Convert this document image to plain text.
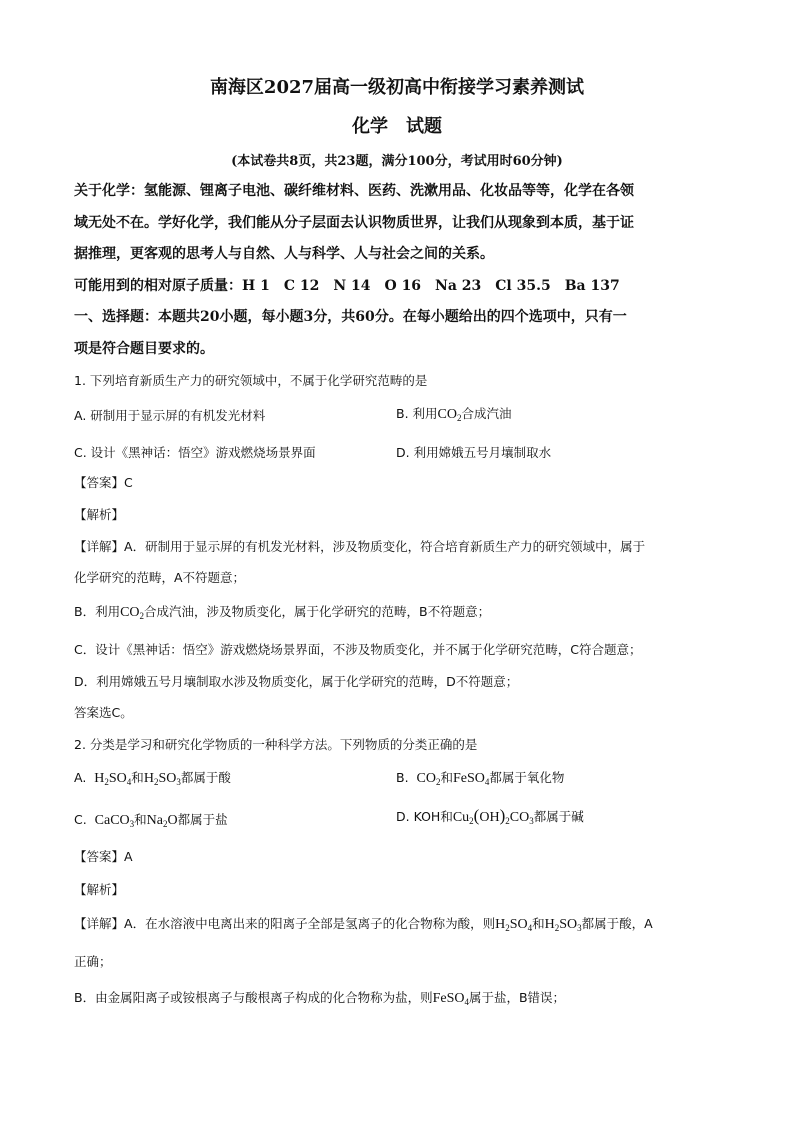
南海区2027届高一级初高中衔接学习素养测试
化学　试题
(本试卷共8页，共23题，满分100分，考试用时60分钟)
关于化学：氢能源、锂离子电池、碳纤维材料、医药、洗漱用品、化妆品等等，化学在各领
域无处不在。学好化学，我们能从分子层面去认识物质世界，让我们从现象到本质，基于证
据推理，更客观的思考人与自然、人与科学、人与社会之间的关系。
可能用到的相对原子质量：H 1　C 12　N 14　O 16　Na 23　Cl 35.5　Ba 137
一、选择题：本题共20小题，每小题3分，共60分。在每小题给出的四个选项中，只有一
项是符合题目要求的。
1. 下列培育新质生产力的研究领域中，不属于化学研究范畴的是
A. 研制用于显示屏的有机发光材料	B. 利用$CO_2$合成汽油
C. 设计《黑神话：悟空》游戏燃烧场景界面	D. 利用嫦娥五号月壤制取水
【答案】C
【解析】
【详解】A．研制用于显示屏的有机发光材料，涉及物质变化，符合培育新质生产力的研究领域中，属于
化学研究的范畴，A不符题意；
B．利用$CO_2$合成汽油，涉及物质变化，属于化学研究的范畴，B不符题意；
C．设计《黑神话：悟空》游戏燃烧场景界面，不涉及物质变化，并不属于化学研究范畴，C符合题意；
D．利用嫦娥五号月壤制取水涉及物质变化，属于化学研究的范畴，D不符题意；
答案选C。
2. 分类是学习和研究化学物质的一种科学方法。下列物质的分类正确的是
A. $H_2SO_4$和$H_2SO_3$都属于酸	B. $CO_2$和FeSO$_4$都属于氧化物
C. CaCO$_3$和$Na_2O$都属于盐	D. KOH和$Cu_2(OH)_2CO_3$都属于碱
【答案】A
【解析】
【详解】A．在水溶液中电离出来的阳离子全部是氢离子的化合物称为酸，则$H_2SO_4$和$H_2SO_3$都属于酸，A
正确；
B．由金属阳离子或铵根离子与酸根离子构成的化合物称为盐，则FeSO$_4$属于盐，B错误；
